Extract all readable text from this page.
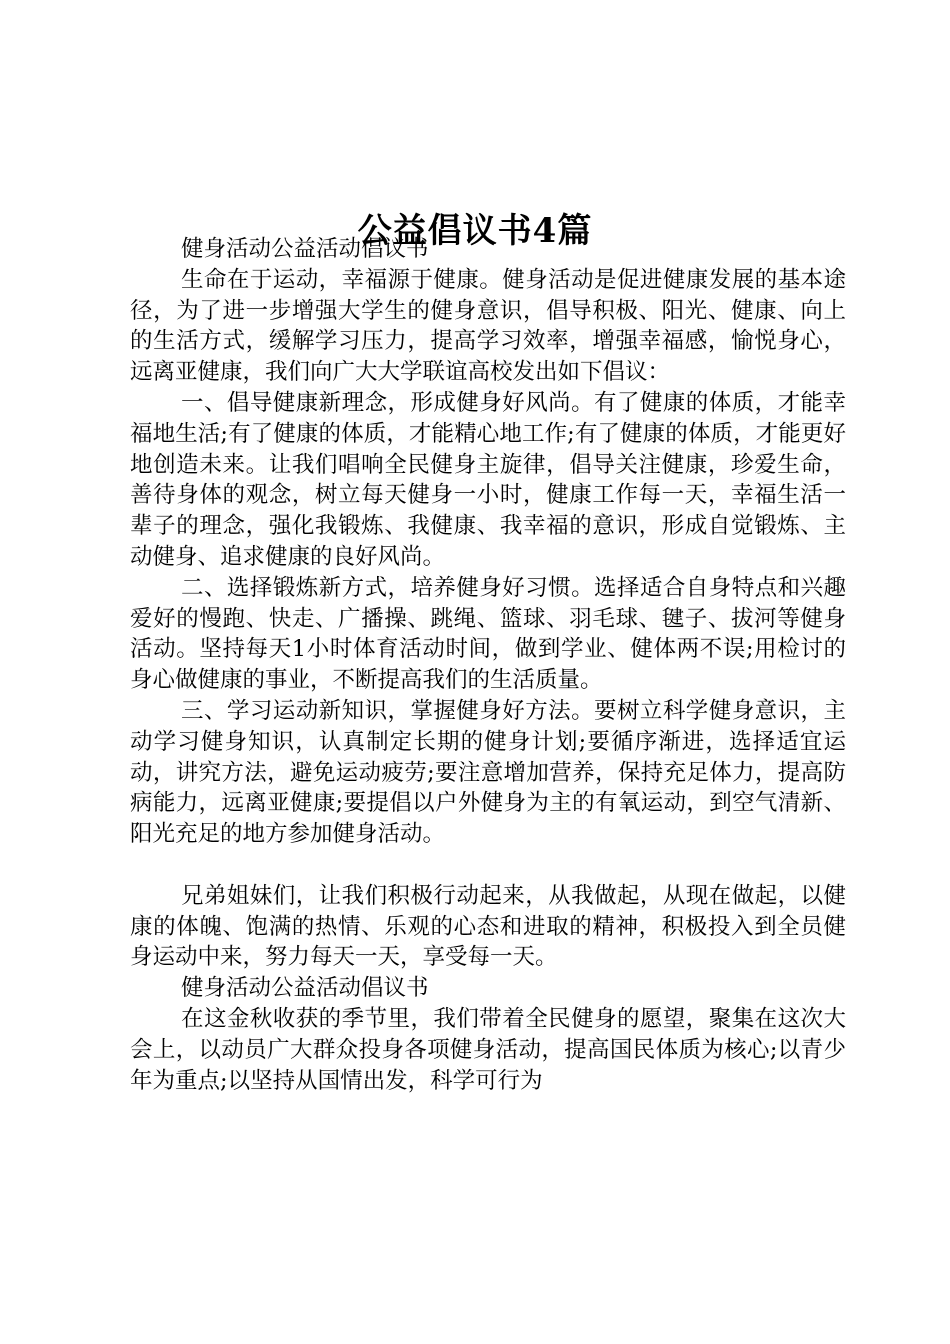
公益倡议书4篇

健身活动公益活动倡议书

生命在于运动，幸福源于健康。健身活动是促进健康发展的基本途径，为了进一步增强大学生的健身意识，倡导积极、阳光、健康、向上的生活方式，缓解学习压力，提高学习效率，增强幸福感，愉悦身心，远离亚健康，我们向广大大学联谊高校发出如下倡议：

一、倡导健康新理念，形成健身好风尚。有了健康的体质，才能幸福地生活;有了健康的体质，才能精心地工作;有了健康的体质，才能更好地创造未来。让我们唱响全民健身主旋律，倡导关注健康，珍爱生命，善待身体的观念，树立每天健身一小时，健康工作每一天，幸福生活一辈子的理念，强化我锻炼、我健康、我幸福的意识，形成自觉锻炼、主动健身、追求健康的良好风尚。

二、选择锻炼新方式，培养健身好习惯。选择适合自身特点和兴趣爱好的慢跑、快走、广播操、跳绳、篮球、羽毛球、毽子、拔河等健身活动。坚持每天1小时体育活动时间，做到学业、健体两不误;用检讨的身心做健康的事业，不断提高我们的生活质量。

三、学习运动新知识，掌握健身好方法。要树立科学健身意识，主动学习健身知识，认真制定长期的健身计划;要循序渐进，选择适宜运动，讲究方法，避免运动疲劳;要注意增加营养，保持充足体力，提高防病能力，远离亚健康;要提倡以户外健身为主的有氧运动，到空气清新、阳光充足的地方参加健身活动。

兄弟姐妹们，让我们积极行动起来，从我做起，从现在做起，以健康的体魄、饱满的热情、乐观的心态和进取的精神，积极投入到全员健身运动中来，努力每天一天，享受每一天。

健身活动公益活动倡议书

在这金秋收获的季节里，我们带着全民健身的愿望，聚集在这次大会上，以动员广大群众投身各项健身活动，提高国民体质为核心;以青少年为重点;以坚持从国情出发，科学可行为
